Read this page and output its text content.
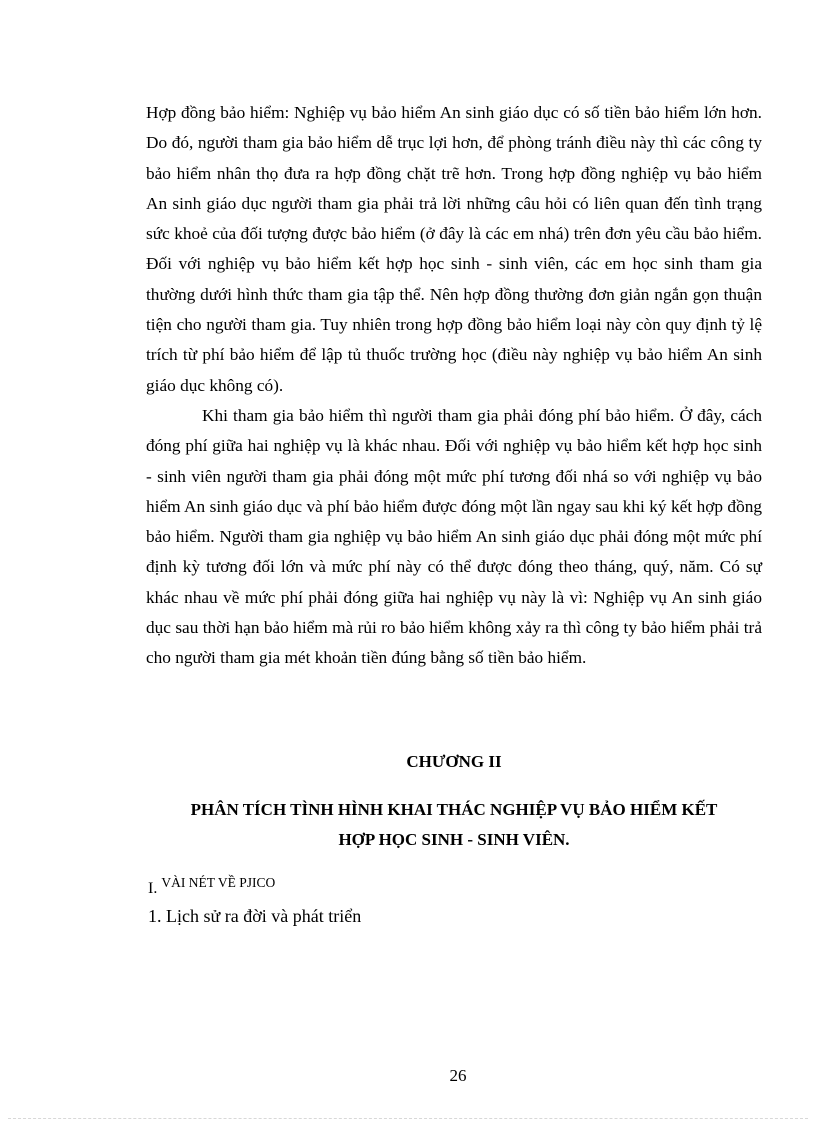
Hợp đồng bảo hiểm: Nghiệp vụ bảo hiểm An sinh giáo dục có số tiền bảo hiểm lớn hơn. Do đó, người tham gia bảo hiểm dễ trục lợi hơn, để phòng tránh điều này thì các công ty bảo hiểm nhân thọ đưa ra hợp đồng chặt trẽ hơn. Trong hợp đồng nghiệp vụ bảo hiểm An sinh giáo dục người tham gia phải trả lời những câu hỏi có liên quan đến tình trạng sức khoẻ của đối tượng được bảo hiểm (ở đây là các em nhá) trên đơn yêu cầu bảo hiểm. Đối với nghiệp vụ bảo hiểm kết hợp học sinh - sinh viên, các em học sinh tham gia thường dưới hình thức tham gia tập thể. Nên hợp đồng thường đơn giản ngắn gọn thuận tiện cho người tham gia. Tuy nhiên trong hợp đồng bảo hiểm loại này còn quy định tỷ lệ trích từ phí bảo hiểm để lập tủ thuốc trường học (điều này nghiệp vụ bảo hiểm An sinh giáo dục không có).

Khi tham gia bảo hiểm thì người tham gia phải đóng phí bảo hiểm. Ở đây, cách đóng phí giữa hai nghiệp vụ là khác nhau. Đối với nghiệp vụ bảo hiểm kết hợp học sinh - sinh viên người tham gia phải đóng một mức phí tương đối nhá so với nghiệp vụ bảo hiểm An sinh giáo dục và phí bảo hiểm được đóng một lần ngay sau khi ký kết hợp đồng bảo hiểm. Người tham gia nghiệp vụ bảo hiểm An sinh giáo dục phải đóng một mức phí định kỳ tương đối lớn và mức phí này có thể được đóng theo tháng, quý, năm. Có sự khác nhau về mức phí phải đóng giữa hai nghiệp vụ này là vì: Nghiệp vụ An sinh giáo dục sau thời hạn bảo hiểm mà rủi ro bảo hiểm không xảy ra thì công ty bảo hiểm phải trả cho người tham gia mét khoản tiền đúng bằng số tiền bảo hiểm.

CHƯƠNG II

PHÂN TÍCH TÌNH HÌNH KHAI THÁC NGHIỆP VỤ BẢO HIỂM KẾT
HỢP HỌC SINH - SINH VIÊN.

I. VÀI NÉT VỀ PJICO

1. Lịch sử ra đời và phát triển

26
